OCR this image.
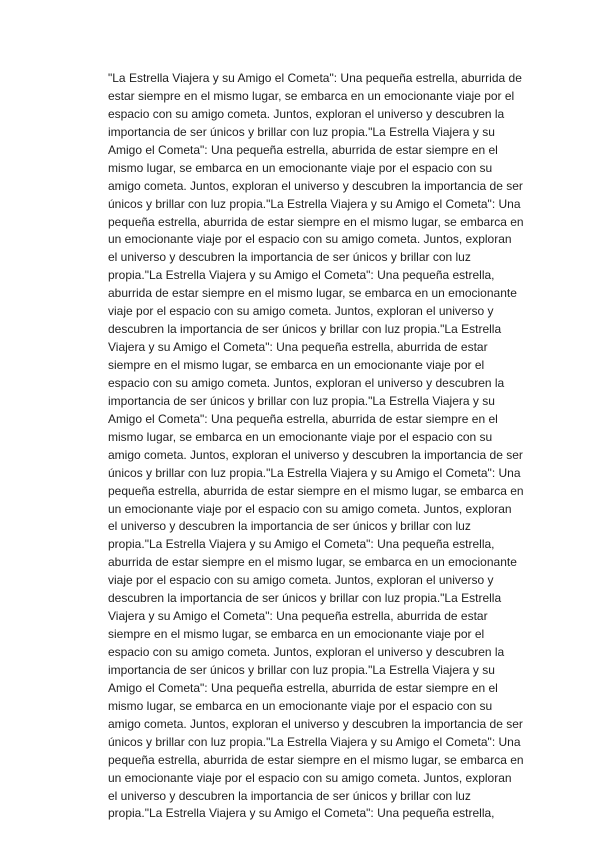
"La Estrella Viajera y su Amigo el Cometa": Una pequeña estrella, aburrida de
estar siempre en el mismo lugar, se embarca en un emocionante viaje por el
espacio con su amigo cometa. Juntos, exploran el universo y descubren la
importancia de ser únicos y brillar con luz propia."La Estrella Viajera y su
Amigo el Cometa": Una pequeña estrella, aburrida de estar siempre en el
mismo lugar, se embarca en un emocionante viaje por el espacio con su
amigo cometa. Juntos, exploran el universo y descubren la importancia de ser
únicos y brillar con luz propia."La Estrella Viajera y su Amigo el Cometa": Una
pequeña estrella, aburrida de estar siempre en el mismo lugar, se embarca en
un emocionante viaje por el espacio con su amigo cometa. Juntos, exploran
el universo y descubren la importancia de ser únicos y brillar con luz
propia."La Estrella Viajera y su Amigo el Cometa": Una pequeña estrella,
aburrida de estar siempre en el mismo lugar, se embarca en un emocionante
viaje por el espacio con su amigo cometa. Juntos, exploran el universo y
descubren la importancia de ser únicos y brillar con luz propia."La Estrella
Viajera y su Amigo el Cometa": Una pequeña estrella, aburrida de estar
siempre en el mismo lugar, se embarca en un emocionante viaje por el
espacio con su amigo cometa. Juntos, exploran el universo y descubren la
importancia de ser únicos y brillar con luz propia."La Estrella Viajera y su
Amigo el Cometa": Una pequeña estrella, aburrida de estar siempre en el
mismo lugar, se embarca en un emocionante viaje por el espacio con su
amigo cometa. Juntos, exploran el universo y descubren la importancia de ser
únicos y brillar con luz propia."La Estrella Viajera y su Amigo el Cometa": Una
pequeña estrella, aburrida de estar siempre en el mismo lugar, se embarca en
un emocionante viaje por el espacio con su amigo cometa. Juntos, exploran
el universo y descubren la importancia de ser únicos y brillar con luz
propia."La Estrella Viajera y su Amigo el Cometa": Una pequeña estrella,
aburrida de estar siempre en el mismo lugar, se embarca en un emocionante
viaje por el espacio con su amigo cometa. Juntos, exploran el universo y
descubren la importancia de ser únicos y brillar con luz propia."La Estrella
Viajera y su Amigo el Cometa": Una pequeña estrella, aburrida de estar
siempre en el mismo lugar, se embarca en un emocionante viaje por el
espacio con su amigo cometa. Juntos, exploran el universo y descubren la
importancia de ser únicos y brillar con luz propia."La Estrella Viajera y su
Amigo el Cometa": Una pequeña estrella, aburrida de estar siempre en el
mismo lugar, se embarca en un emocionante viaje por el espacio con su
amigo cometa. Juntos, exploran el universo y descubren la importancia de ser
únicos y brillar con luz propia."La Estrella Viajera y su Amigo el Cometa": Una
pequeña estrella, aburrida de estar siempre en el mismo lugar, se embarca en
un emocionante viaje por el espacio con su amigo cometa. Juntos, exploran
el universo y descubren la importancia de ser únicos y brillar con luz
propia."La Estrella Viajera y su Amigo el Cometa": Una pequeña estrella,
